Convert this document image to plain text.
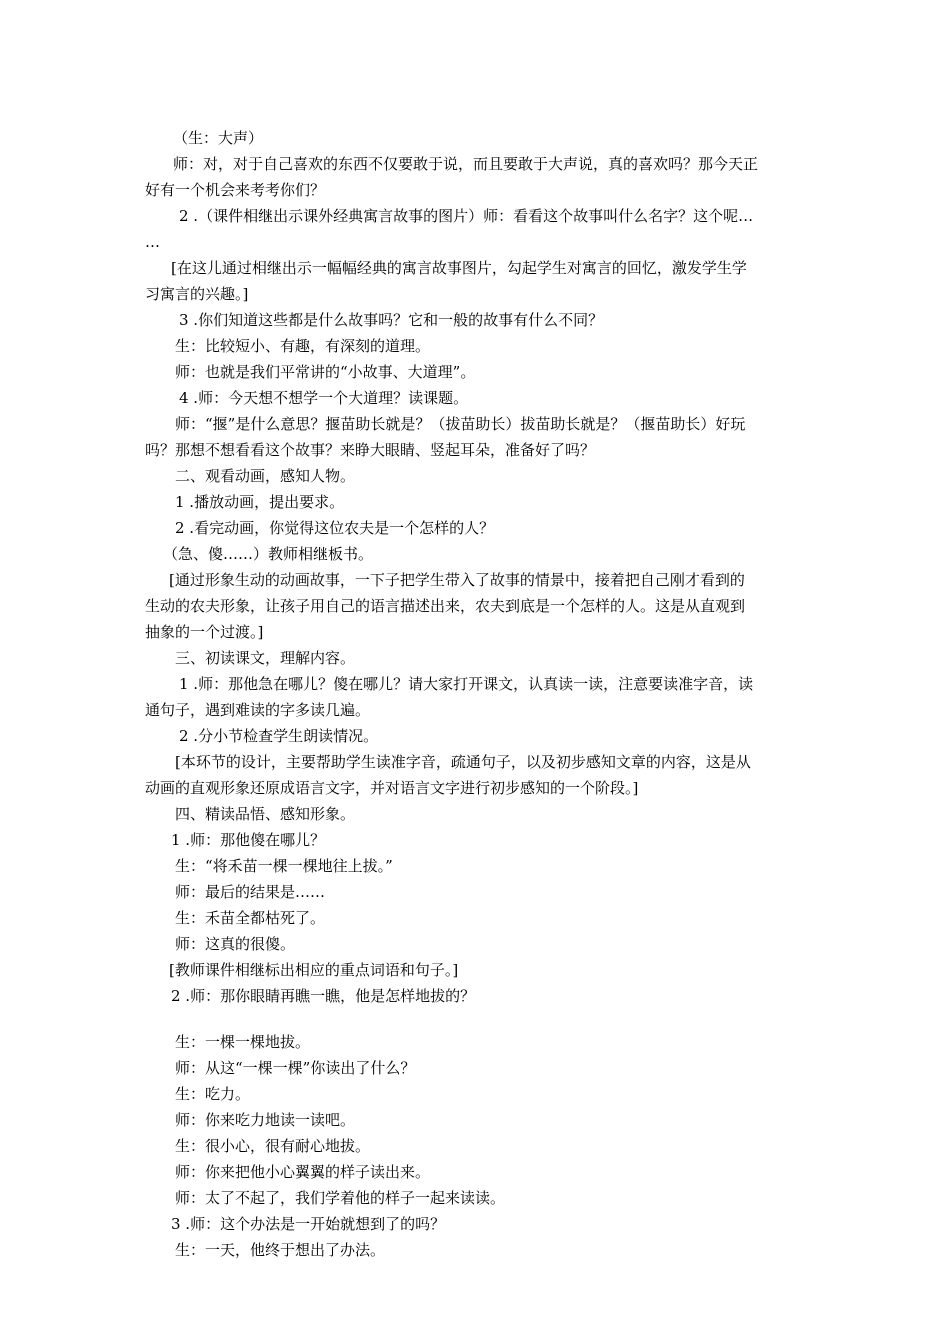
（生：大声）
师：对，对于自己喜欢的东西不仅要敢于说，而且要敢于大声说，真的喜欢吗？那今天正
好有一个机会来考考你们？
2 .（课件相继出示课外经典寓言故事的图片）师：看看这个故事叫什么名字？这个呢…
…
[在这儿通过相继出示一幅幅经典的寓言故事图片，勾起学生对寓言的回忆，激发学生学
习寓言的兴趣。]
3 .你们知道这些都是什么故事吗？它和一般的故事有什么不同？
生：比较短小、有趣，有深刻的道理。
师：也就是我们平常讲的“小故事、大道理”。
4 .师：今天想不想学一个大道理？读课题。
师：“揠”是什么意思？揠苗助长就是？（拔苗助长）拔苗助长就是？（揠苗助长）好玩
吗？那想不想看看这个故事？来睁大眼睛、竖起耳朵，准备好了吗？
二、观看动画，感知人物。
1 .播放动画，提出要求。
2 .看完动画，你觉得这位农夫是一个怎样的人？
（急、傻……）教师相继板书。
[通过形象生动的动画故事，一下子把学生带入了故事的情景中，接着把自己刚才看到的
生动的农夫形象，让孩子用自己的语言描述出来，农夫到底是一个怎样的人。这是从直观到
抽象的一个过渡。]
三、初读课文，理解内容。
1 .师：那他急在哪儿？傻在哪儿？请大家打开课文，认真读一读，注意要读准字音，读
通句子，遇到难读的字多读几遍。
2 .分小节检查学生朗读情况。
[本环节的设计，主要帮助学生读准字音，疏通句子，以及初步感知文章的内容，这是从
动画的直观形象还原成语言文字，并对语言文字进行初步感知的一个阶段。]
四、精读品悟、感知形象。
1 .师：那他傻在哪儿？
生：“将禾苗一棵一棵地往上拔。”
师：最后的结果是……
生：禾苗全都枯死了。
师：这真的很傻。
[教师课件相继标出相应的重点词语和句子。]
2 .师：那你眼睛再瞧一瞧，他是怎样地拔的？
生：一棵一棵地拔。
师：从这“一棵一棵”你读出了什么？
生：吃力。
师：你来吃力地读一读吧。
生：很小心，很有耐心地拔。
师：你来把他小心翼翼的样子读出来。
师：太了不起了，我们学着他的样子一起来读读。
3 .师：这个办法是一开始就想到了的吗？
生：一天，他终于想出了办法。
